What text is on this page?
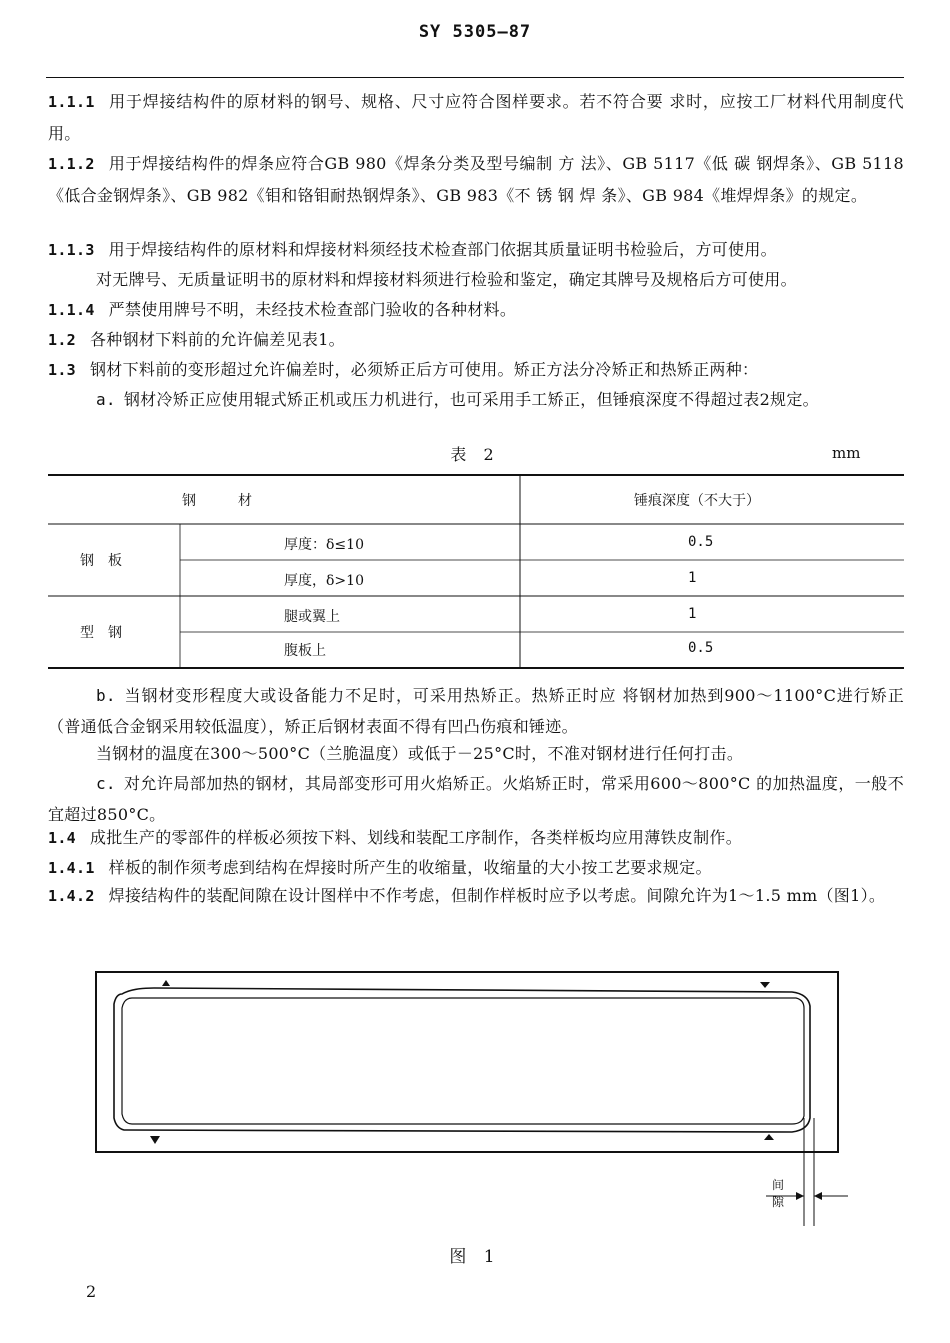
SY 5305—87
1.1.1 用于焊接结构件的原材料的钢号、规格、尺寸应符合图样要求。若不符合要 求时，应按工厂材料代用制度代用。
1.1.2 用于焊接结构件的焊条应符合GB 980《焊条分类及型号编制 方 法》、GB 5117《低 碳 钢焊条》、GB 5118《低合金钢焊条》、GB 982《钼和铬钼耐热钢焊条》、GB 983《不 锈 钢 焊 条》、GB 984《堆焊焊条》的规定。
1.1.3 用于焊接结构件的原材料和焊接材料须经技术检查部门依据其质量证明书检验后，方可使用。
对无牌号、无质量证明书的原材料和焊接材料须进行检验和鉴定，确定其牌号及规格后方可使用。
1.1.4 严禁使用牌号不明，未经技术检查部门验收的各种材料。
1.2 各种钢材下料前的允许偏差见表1。
1.3 钢材下料前的变形超过允许偏差时，必须矫正后方可使用。矫正方法分冷矫正和热矫正两种：
a. 钢材冷矫正应使用辊式矫正机或压力机进行，也可采用手工矫正，但锤痕深度不得超过表2规定。
表 2	mm
钢　　　材	锤痕深度（不大于）
钢　板
厚度：δ≤10	0.5
厚度，δ>10	1
型　钢
腿或翼上	1
腹板上	0.5
b. 当钢材变形程度大或设备能力不足时，可采用热矫正。热矫正时应 将钢材加热到900～1100°C进行矫正（普通低合金钢采用较低温度），矫正后钢材表面不得有凹凸伤痕和锤迹。
当钢材的温度在300～500°C（兰脆温度）或低于－25°C时，不准对钢材进行任何打击。
c. 对允许局部加热的钢材，其局部变形可用火焰矫正。火焰矫正时，常采用600～800°C 的加热温度，一般不宜超过850°C。
1.4 成批生产的零部件的样板必须按下料、划线和装配工序制作，各类样板均应用薄铁皮制作。
1.4.1 样板的制作须考虑到结构在焊接时所产生的收缩量，收缩量的大小按工艺要求规定。
1.4.2 焊接结构件的装配间隙在设计图样中不作考虑，但制作样板时应予以考虑。间隙允许为1～1.5 mm（图1）。
间隙
图 1
2
